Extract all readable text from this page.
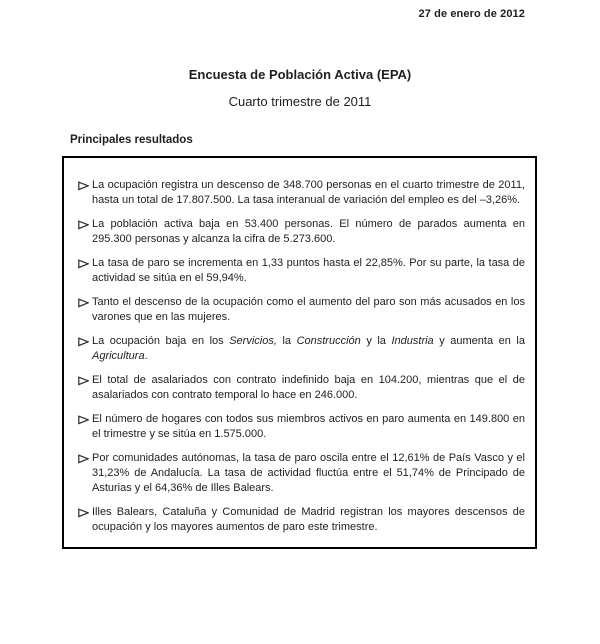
27 de enero de 2012
Encuesta de Población Activa (EPA)
Cuarto trimestre de 2011
Principales resultados
La ocupación registra un descenso de 348.700 personas en el cuarto trimestre de 2011, hasta un total de 17.807.500. La tasa interanual de variación del empleo es del –3,26%.
La población activa baja en 53.400 personas. El número de parados aumenta en 295.300 personas y alcanza la cifra de 5.273.600.
La tasa de paro se incrementa en 1,33 puntos hasta el 22,85%. Por su parte, la tasa de actividad se sitúa en el 59,94%.
Tanto el descenso de la ocupación como el aumento del paro son más acusados en los varones que en las mujeres.
La ocupación baja en los Servicios, la Construcción y la Industria y aumenta en la Agricultura.
El total de asalariados con contrato indefinido baja en 104.200, mientras que el de asalariados con contrato temporal lo hace en 246.000.
El número de hogares con todos sus miembros activos en paro aumenta en 149.800 en el trimestre y se sitúa en 1.575.000.
Por comunidades autónomas, la tasa de paro oscila entre el 12,61% de País Vasco y el 31,23% de Andalucía. La tasa de actividad fluctúa entre el 51,74% de Principado de Asturias y el 64,36% de Illes Balears.
Illes Balears, Cataluña y Comunidad de Madrid registran los mayores descensos de ocupación y los mayores aumentos de paro este trimestre.
